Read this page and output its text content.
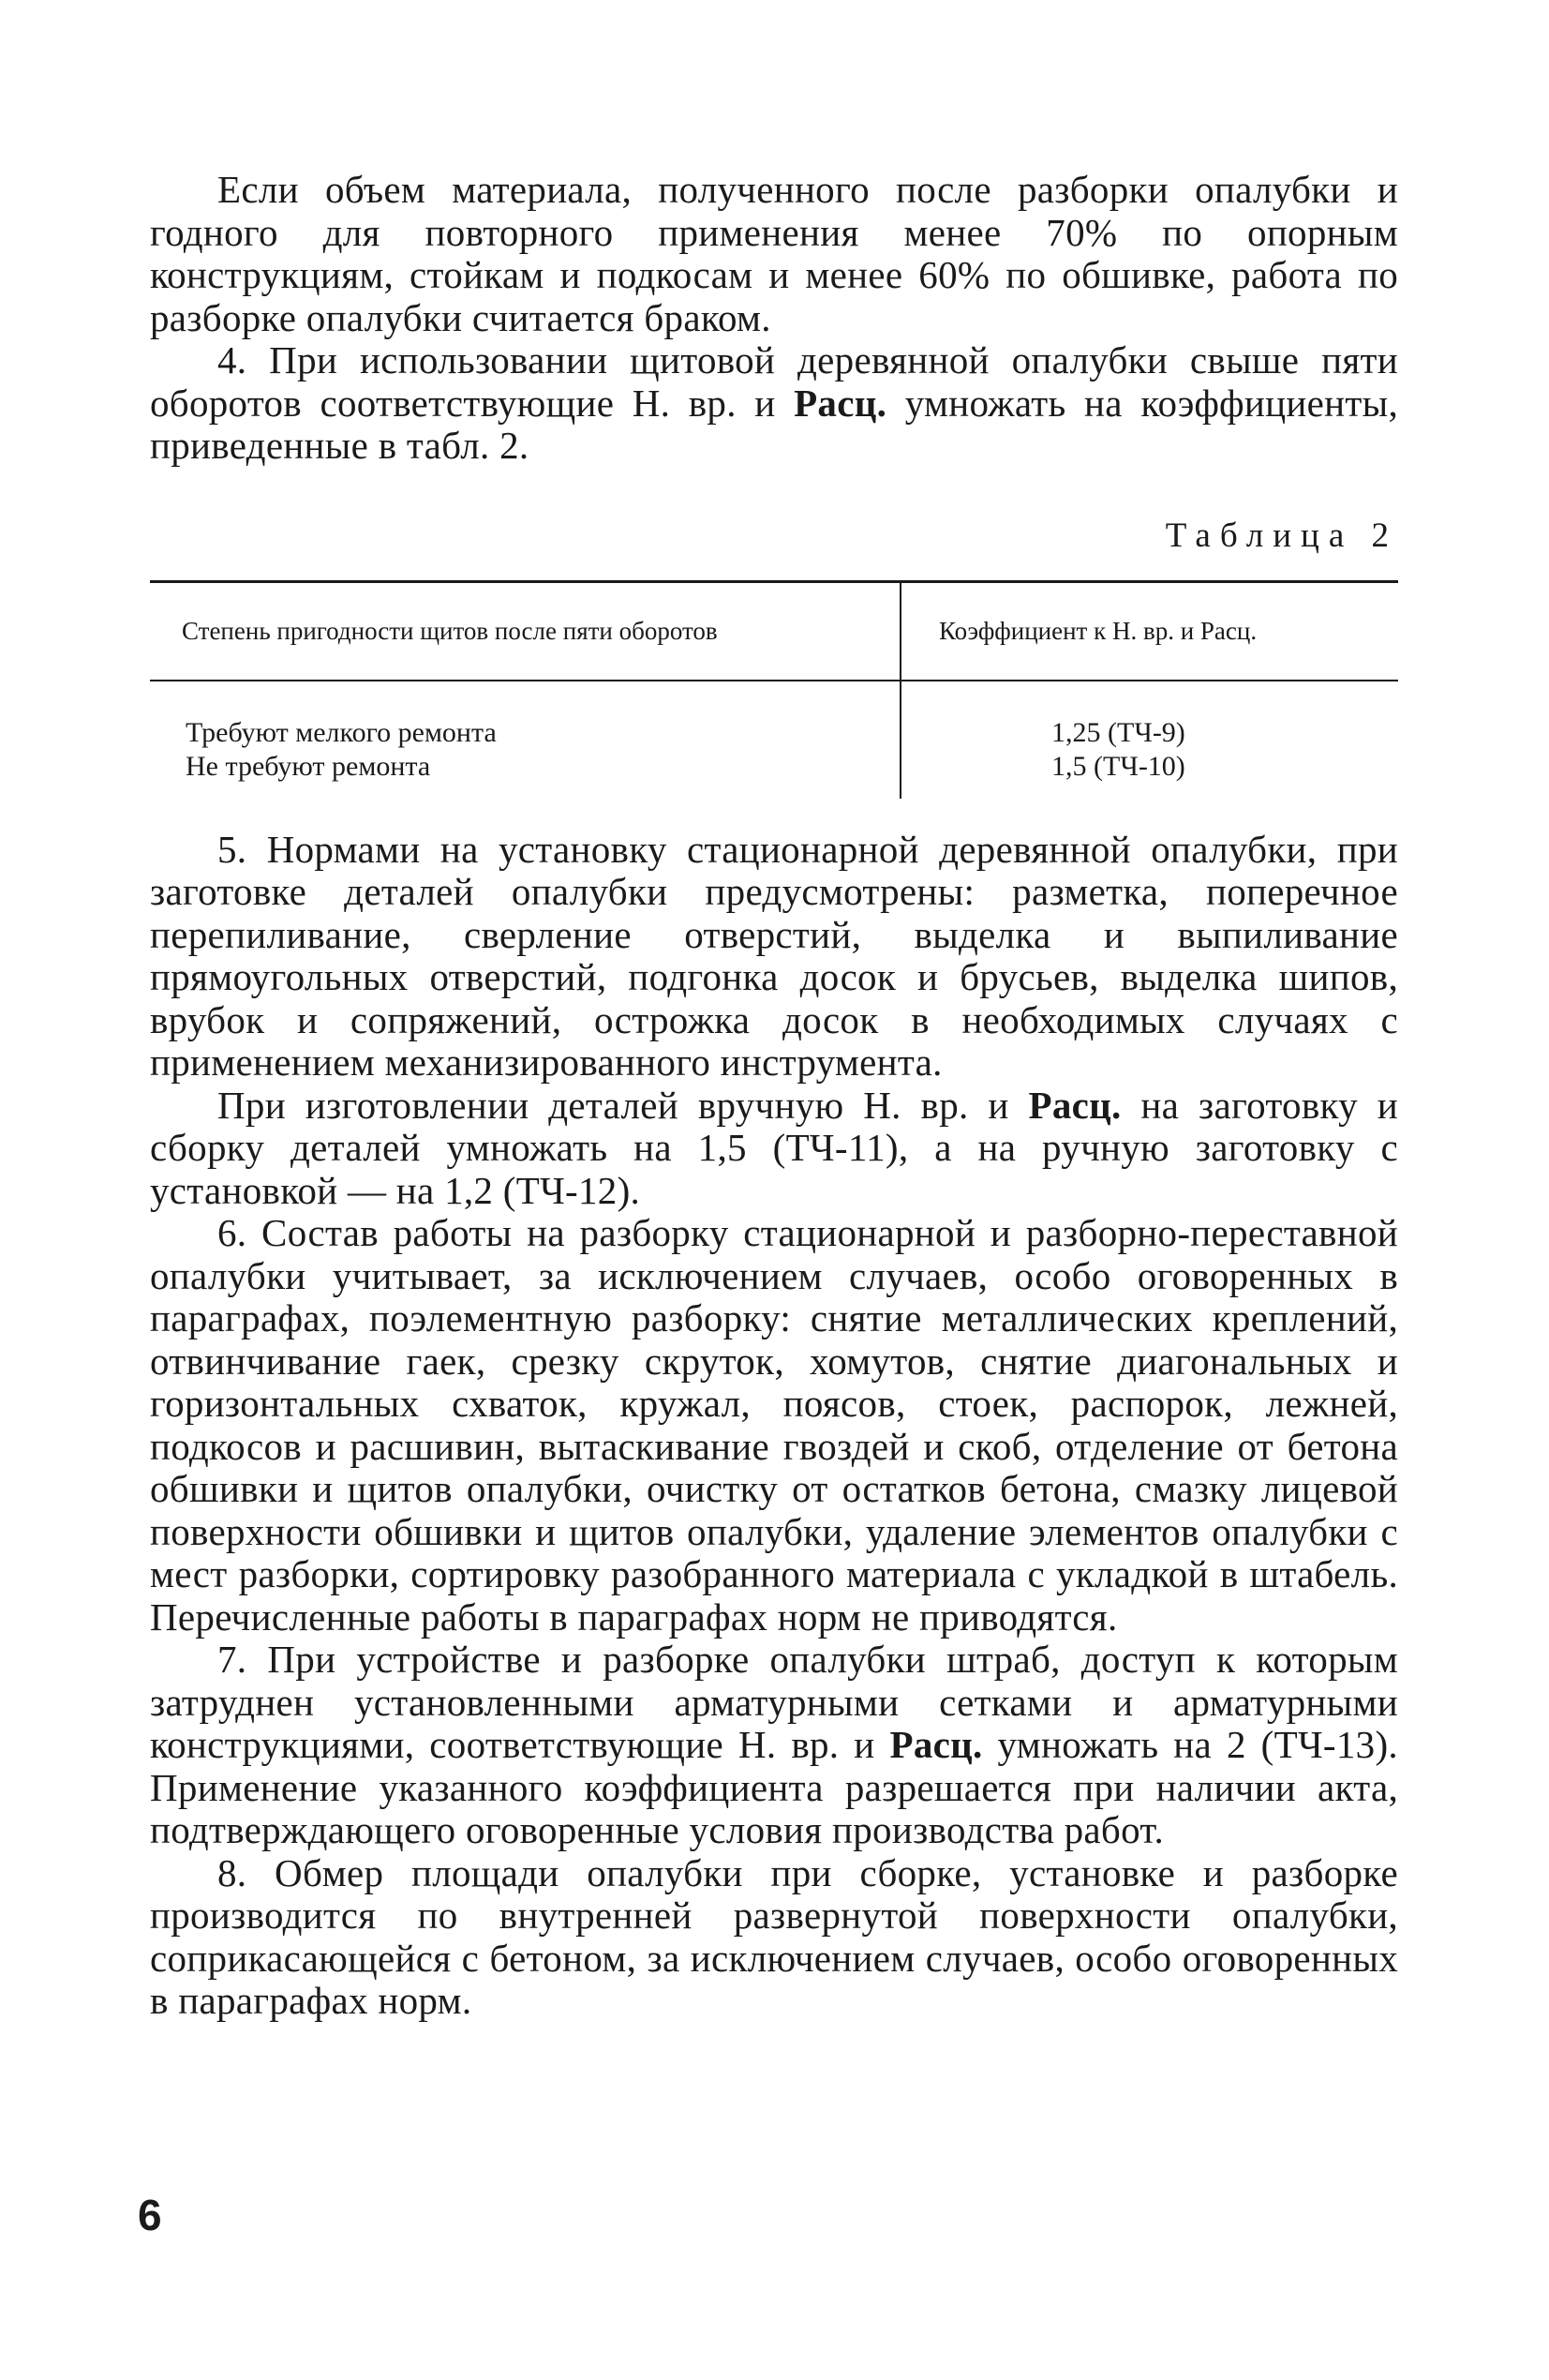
Если объем материала, полученного после разборки опалубки и годного для повторного применения менее 70% по опорным конструкциям, стойкам и подкосам и менее 60% по обшивке, работа по разборке опалубки считается браком.

4. При использовании щитовой деревянной опалубки свыше пяти оборотов соответствующие Н. вр. и Расц. умножать на коэффициенты, приведенные в табл. 2.

Таблица 2
Степень пригодности щитов после пяти оборотов	Коэффициент к Н. вр. и Расц.
Требуют мелкого ремонта	1,25 (ТЧ-9)
Не требуют ремонта	1,5 (ТЧ-10)

5. Нормами на установку стационарной деревянной опалубки, при заготовке деталей опалубки предусмотрены: разметка, поперечное перепиливание, сверление отверстий, выделка и выпиливание прямоугольных отверстий, подгонка досок и брусьев, выделка шипов, врубок и сопряжений, острожка досок в необходимых случаях с применением механизированного инструмента.

При изготовлении деталей вручную Н. вр. и Расц. на заготовку и сборку деталей умножать на 1,5 (ТЧ-11), а на ручную заготовку с установкой — на 1,2 (ТЧ-12).

6. Состав работы на разборку стационарной и разборно-переставной опалубки учитывает, за исключением случаев, особо оговоренных в параграфах, поэлементную разборку: снятие металлических креплений, отвинчивание гаек, срезку скруток, хомутов, снятие диагональных и горизонтальных схваток, кружал, поясов, стоек, распорок, лежней, подкосов и расшивин, вытаскивание гвоздей и скоб, отделение от бетона обшивки и щитов опалубки, очистку от остатков бетона, смазку лицевой поверхности обшивки и щитов опалубки, удаление элементов опалубки с мест разборки, сортировку разобранного материала с укладкой в штабель. Перечисленные работы в параграфах норм не приводятся.

7. При устройстве и разборке опалубки штраб, доступ к которым затруднен установленными арматурными сетками и арматурными конструкциями, соответствующие Н. вр. и Расц. умножать на 2 (ТЧ-13). Применение указанного коэффициента разрешается при наличии акта, подтверждающего оговоренные условия производства работ.

8. Обмер площади опалубки при сборке, установке и разборке производится по внутренней развернутой поверхности опалубки, соприкасающейся с бетоном, за исключением случаев, особо оговоренных в параграфах норм.

6
